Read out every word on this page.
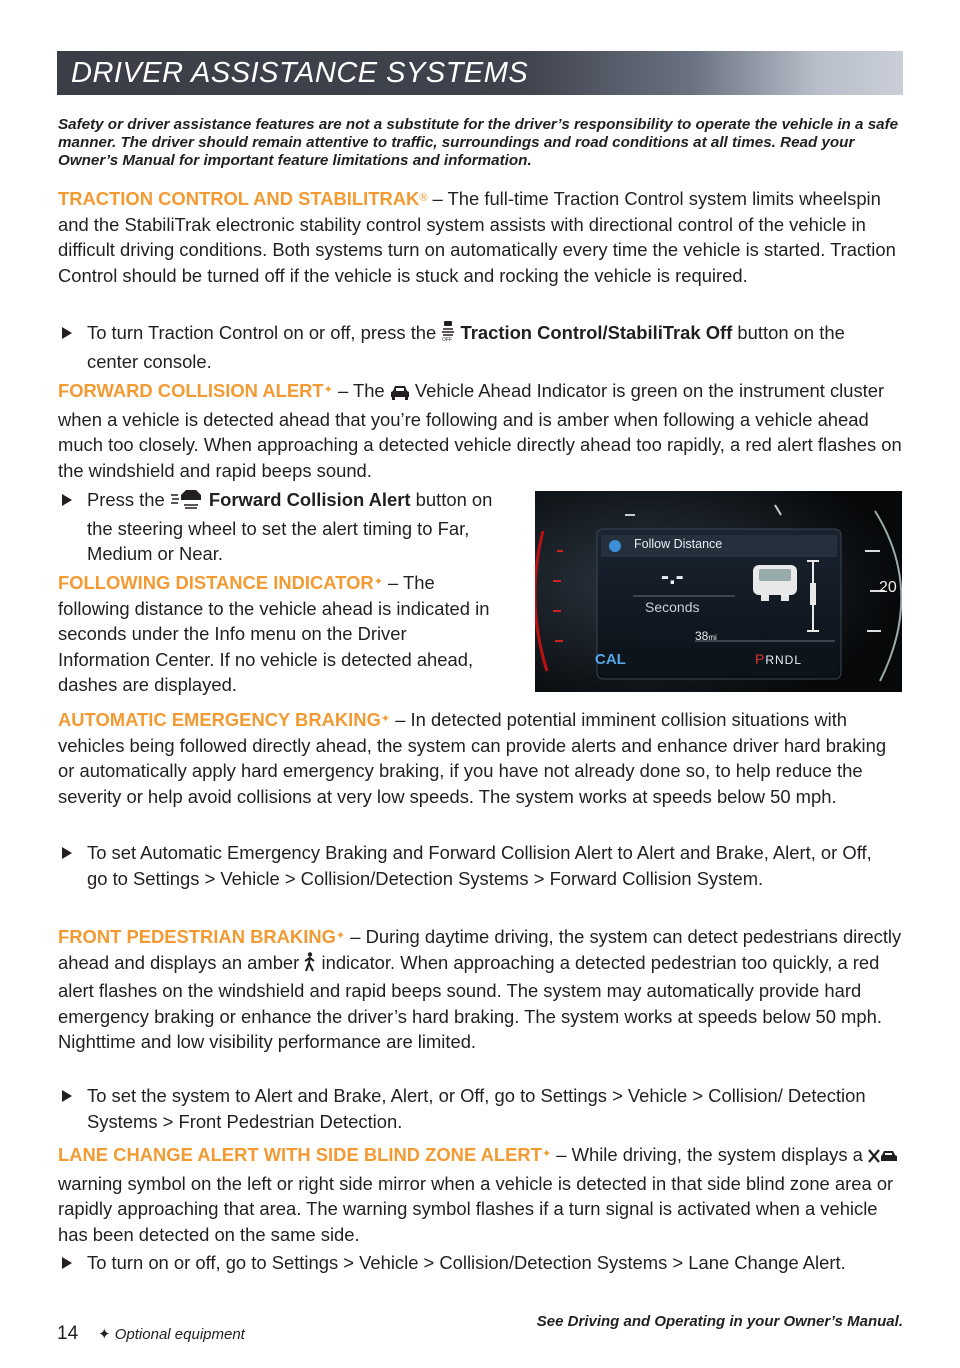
DRIVER ASSISTANCE SYSTEMS
Safety or driver assistance features are not a substitute for the driver’s responsibility to operate the vehicle in a safe manner. The driver should remain attentive to traffic, surroundings and road conditions at all times. Read your Owner’s Manual for important feature limitations and information.
TRACTION CONTROL AND STABILITRAK® – The full-time Traction Control system limits wheelspin and the StabiliTrak electronic stability control system assists with directional control of the vehicle in difficult driving conditions. Both systems turn on automatically every time the vehicle is started. Traction Control should be turned off if the vehicle is stuck and rocking the vehicle is required.
To turn Traction Control on or off, press the OFF Traction Control/StabiliTrak Off button on the center console.
FORWARD COLLISION ALERT✦ – The  Vehicle Ahead Indicator is green on the instrument cluster when a vehicle is detected ahead that you’re following and is amber when following a vehicle ahead much too closely. When approaching a detected vehicle directly ahead too rapidly, a red alert flashes on the windshield and rapid beeps sound.
Press the  Forward Collision Alert button on the steering wheel to set the alert timing to Far, Medium or Near.
FOLLOWING DISTANCE INDICATOR✦ – The following distance to the vehicle ahead is indicated in seconds under the Info menu on the Driver Information Center. If no vehicle is detected ahead, dashes are displayed.
Follow Distance
-.-
Seconds
38mi
CAL	PRNDL
20
AUTOMATIC EMERGENCY BRAKING✦ – In detected potential imminent collision situations with vehicles being followed directly ahead, the system can provide alerts and enhance driver hard braking or automatically apply hard emergency braking, if you have not already done so, to help reduce the severity or help avoid collisions at very low speeds. The system works at speeds below 50 mph.
To set Automatic Emergency Braking and Forward Collision Alert to Alert and Brake, Alert, or Off, go to Settings > Vehicle > Collision/Detection Systems > Forward Collision System.
FRONT PEDESTRIAN BRAKING✦ – During daytime driving, the system can detect pedestrians directly ahead and displays an amber  indicator. When approaching a detected pedestrian too quickly, a red alert flashes on the windshield and rapid beeps sound. The system may automatically provide hard emergency braking or enhance the driver’s hard braking. The system works at speeds below 50 mph. Nighttime and low visibility performance are limited.
To set the system to Alert and Brake, Alert, or Off, go to Settings > Vehicle > Collision/ Detection Systems > Front Pedestrian Detection.
LANE CHANGE ALERT WITH SIDE BLIND ZONE ALERT✦ – While driving, the system displays a  warning symbol on the left or right side mirror when a vehicle is detected in that side blind zone area or rapidly approaching that area. The warning symbol flashes if a turn signal is activated when a vehicle has been detected on the same side.
To turn on or off, go to Settings > Vehicle > Collision/Detection Systems > Lane Change Alert.
14 ✦ Optional equipment
See Driving and Operating in your Owner’s Manual.
